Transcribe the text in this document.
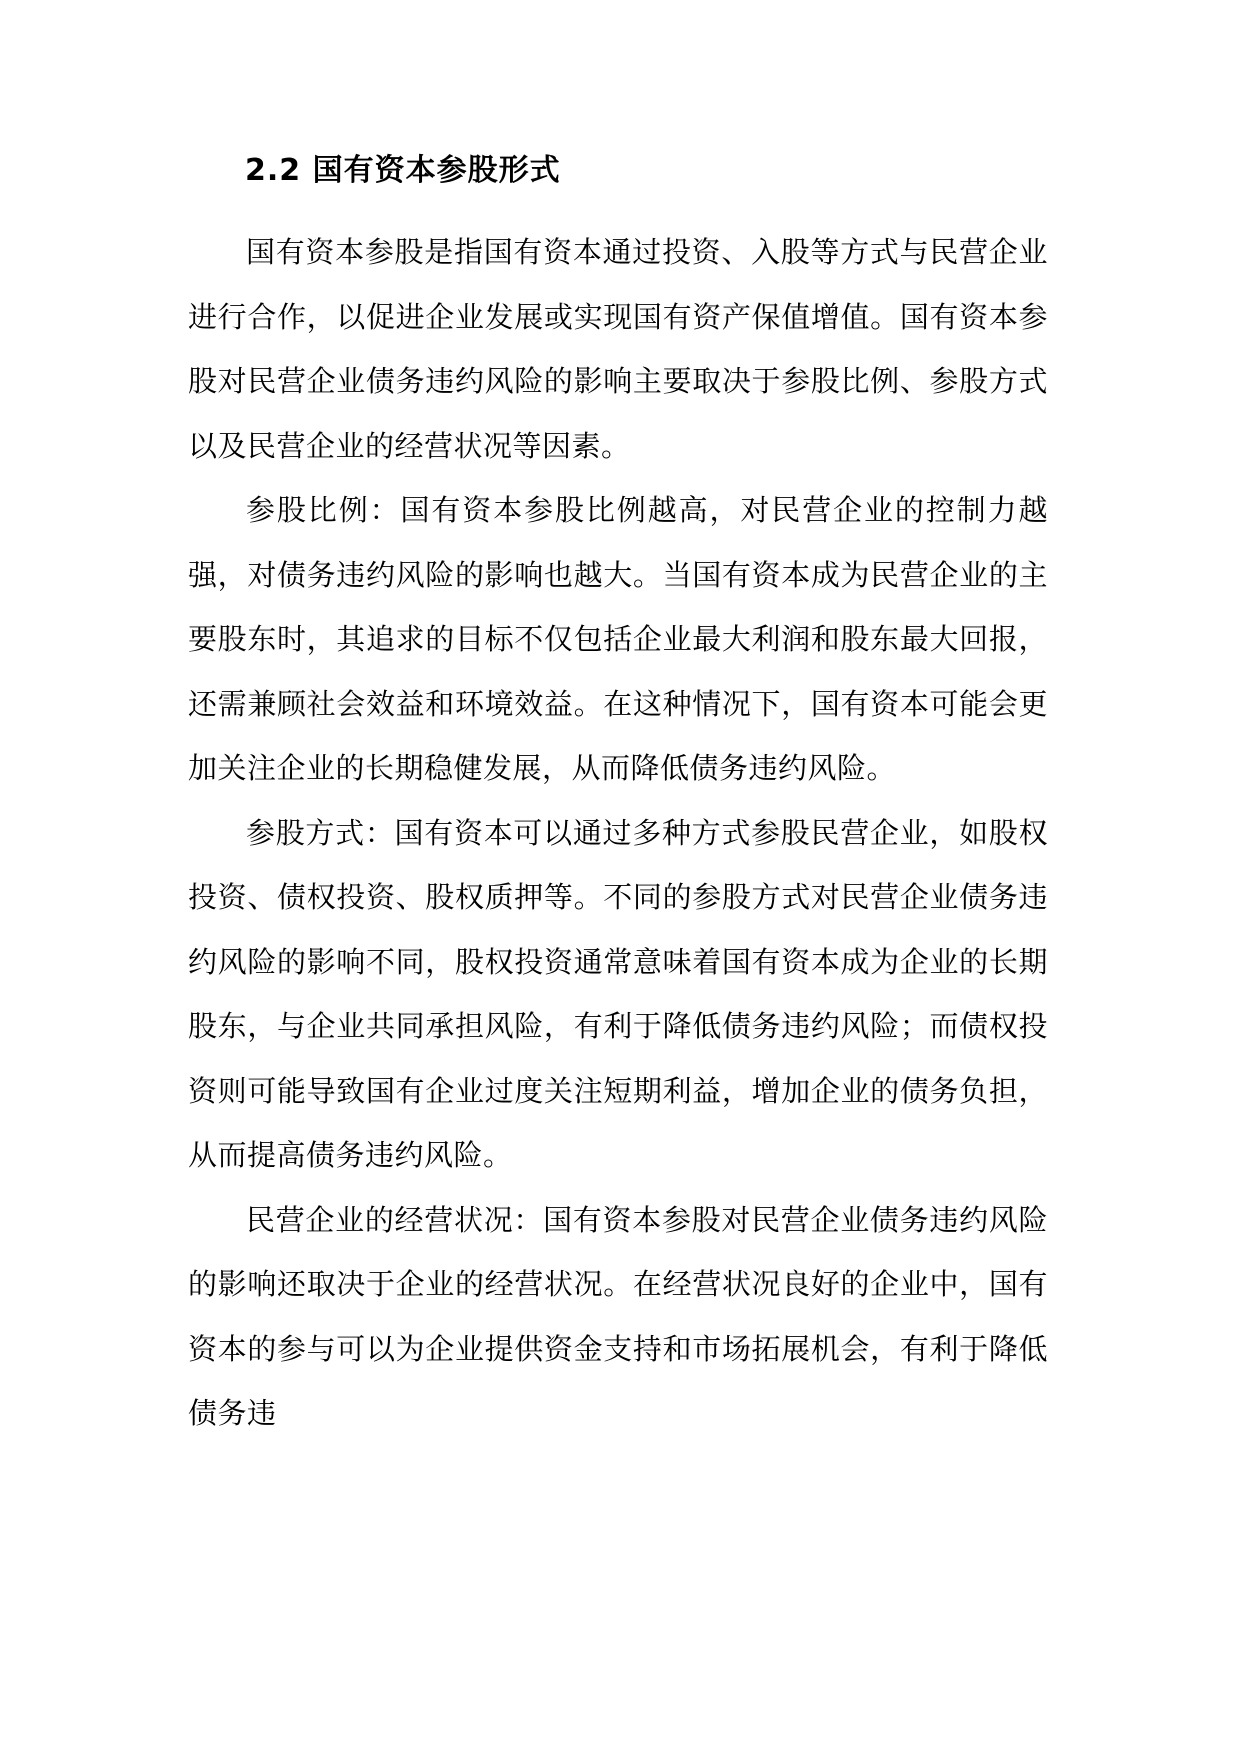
2.2 国有资本参股形式

国有资本参股是指国有资本通过投资、入股等方式与民营企业进行合作，以促进企业发展或实现国有资产保值增值。国有资本参股对民营企业债务违约风险的影响主要取决于参股比例、参股方式以及民营企业的经营状况等因素。

参股比例：国有资本参股比例越高，对民营企业的控制力越强，对债务违约风险的影响也越大。当国有资本成为民营企业的主要股东时，其追求的目标不仅包括企业最大利润和股东最大回报，还需兼顾社会效益和环境效益。在这种情况下，国有资本可能会更加关注企业的长期稳健发展，从而降低债务违约风险。

参股方式：国有资本可以通过多种方式参股民营企业，如股权投资、债权投资、股权质押等。不同的参股方式对民营企业债务违约风险的影响不同，股权投资通常意味着国有资本成为企业的长期股东，与企业共同承担风险，有利于降低债务违约风险；而债权投资则可能导致国有企业过度关注短期利益，增加企业的债务负担，从而提高债务违约风险。

民营企业的经营状况：国有资本参股对民营企业债务违约风险的影响还取决于企业的经营状况。在经营状况良好的企业中，国有资本的参与可以为企业提供资金支持和市场拓展机会，有利于降低债务违
